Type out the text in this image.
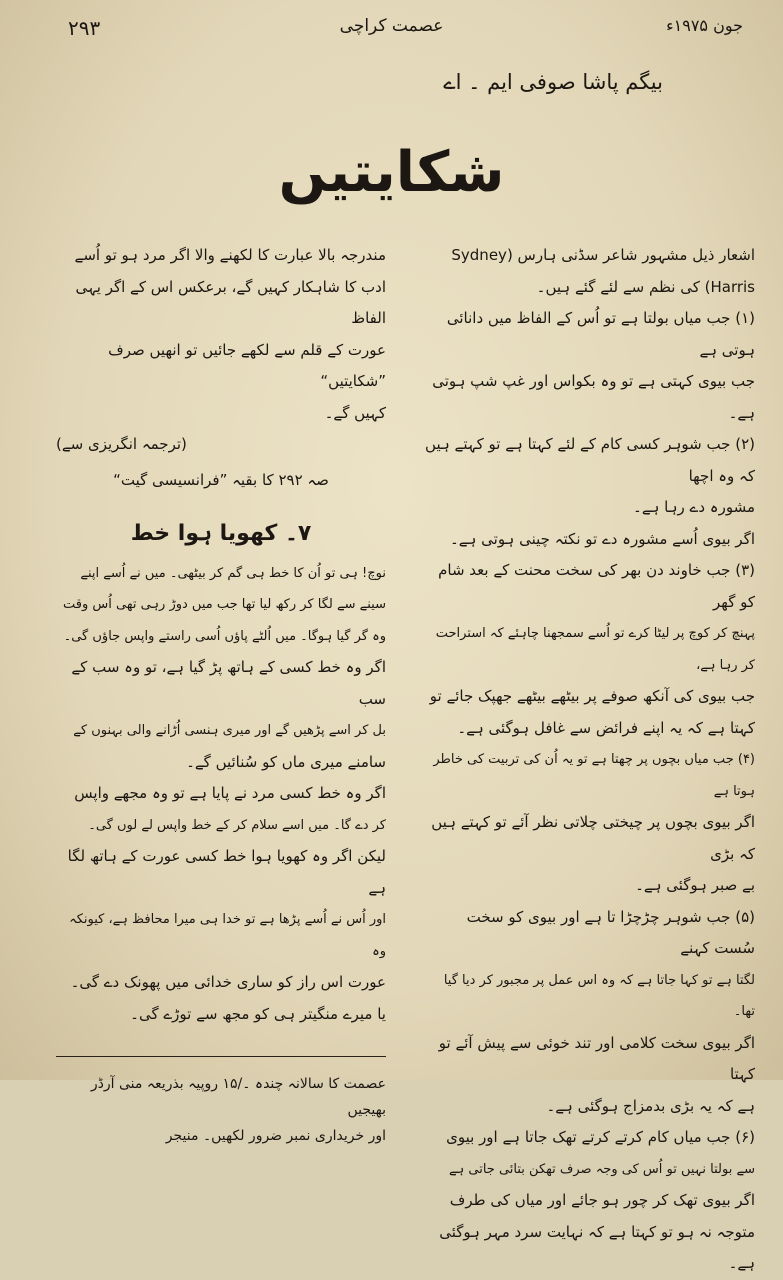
۲۹۳	عصمت کراچی	جون ۱۹۷۵ء
بیگم پاشا صوفی ایم ۔ اے
شکایتیں

اشعار ذیل مشہور شاعر سڈنی ہارس (Sydney

Harris) کی نظم سے لئے گئے ہیں۔

(۱) جب میاں بولتا ہے تو اُس کے الفاظ میں دانائی ہوتی ہے

جب بیوی کہتی ہے تو وہ بکواس اور غپ شپ ہوتی ہے۔

(۲) جب شوہر کسی کام کے لئے کہتا ہے تو کہتے ہیں کہ وہ اچھا

مشورہ دے رہا ہے۔

اگر بیوی اُسے مشورہ دے تو نکتہ چینی ہوتی ہے۔

(۳) جب خاوند دن بھر کی سخت محنت کے بعد شام کو گھر

پہنچ کر کوچ پر لیٹا کرے تو اُسے سمجھنا چاہئے کہ استراحت کر رہا ہے،

جب بیوی کی آنکھ صوفے پر بیٹھے بیٹھے جھپک جائے تو

کہتا ہے کہ یہ اپنے فرائض سے غافل ہوگئی ہے۔

(۴) جب میاں بچوں پر چھتا ہے تو یہ اُن کی تربیت کی خاطر ہوتا ہے

اگر بیوی بچوں پر چیختی چلاتی نظر آئے تو کہتے ہیں کہ بڑی

بے صبر ہوگئی ہے۔

(۵) جب شوہر چڑچڑا تا ہے اور بیوی کو سخت سُست کہنے

لگتا ہے تو کہا جاتا ہے کہ وہ اس عمل پر مجبور کر دیا گیا تھا۔

اگر بیوی سخت کلامی اور تند خوئی سے پیش آئے تو کہتا

ہے کہ یہ بڑی بدمزاج ہوگئی ہے۔

(۶) جب میاں کام کرتے کرتے تھک جاتا ہے اور بیوی

سے بولتا نہیں تو اُس کی وجہ صرف تھکن بتائی جاتی ہے

اگر بیوی تھک کر چور ہو جائے اور میاں کی طرف

متوجہ نہ ہو تو کہتا ہے کہ نہایت سرد مہر ہوگئی ہے۔

مندرجہ بالا عبارت کا لکھنے والا اگر مرد ہو تو اُسے

ادب کا شاہکار کہیں گے، برعکس اس کے اگر یہی الفاظ

عورت کے قلم سے لکھے جائیں تو انھیں صرف ”شکایتیں“

کہیں گے۔

(ترجمہ انگریزی سے)

صہ ۲۹۲ کا بقیہ ”فرانسیسی گیت“

۷۔ کھویا ہوا خط

نوچ! ہی تو اُن کا خط ہی گم کر بیٹھی۔ میں نے اُسے اپنے

سینے سے لگا کر رکھ لیا تھا جب میں دوڑ رہی تھی اُس وقت

وہ گر گیا ہوگا۔ میں اُلٹے پاؤں اُسی راستے واپس جاؤں گی۔

اگر وہ خط کسی کے ہاتھ پڑ گیا ہے، تو وہ سب کے سب

بل کر اسے پڑھیں گے اور میری ہنسی اُڑانے والی بہنوں کے

سامنے میری ماں کو سُنائیں گے۔

اگر وہ خط کسی مرد نے پایا ہے تو وہ مجھے واپس

کر دے گا۔ میں اسے سلام کر کے خط واپس لے لوں گی۔

لیکن اگر وہ کھویا ہوا خط کسی عورت کے ہاتھ لگا ہے

اور اُس نے اُسے پڑھا ہے تو خدا ہی میرا محافظ ہے، کیونکہ وہ

عورت اس راز کو ساری خدائی میں پھونک دے گی۔

یا میرے منگیتر ہی کو مجھ سے توڑے گی۔

عصمت کا سالانہ چندہ ۔/۱۵ روپیہ بذریعہ منی آرڈر بھیجیں

اور خریداری نمبر ضرور لکھیں۔ منیجر
